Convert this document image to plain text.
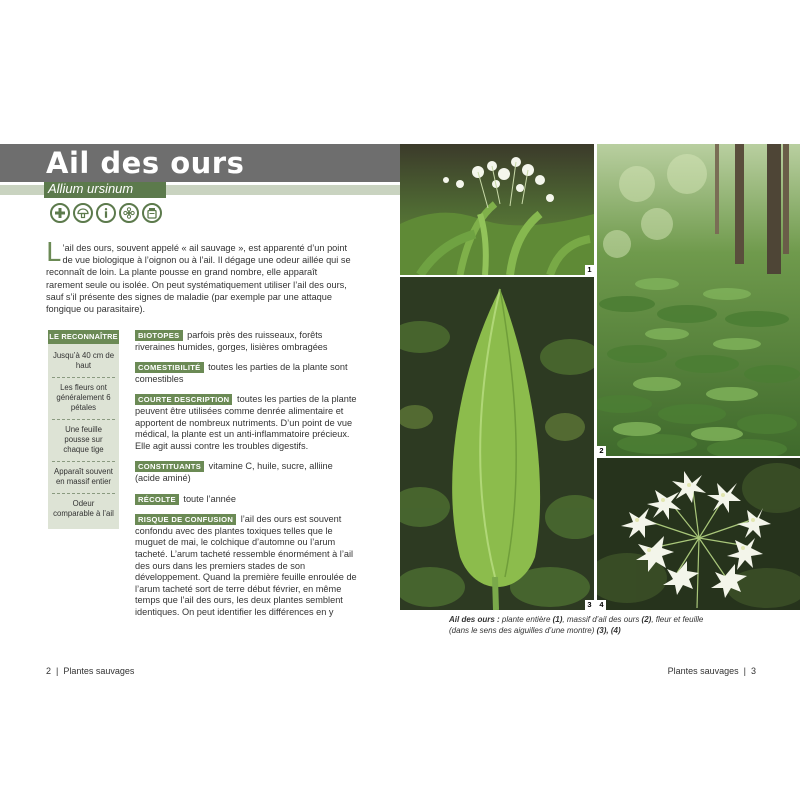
Ail des ours
Allium ursinum

L ’ail des ours, souvent appelé « ail sauvage », est apparenté d’un point de vue biologique à l’oignon ou à l’ail. Il dégage une odeur aillée qui se reconnaît de loin. La plante pousse en grand nombre, elle apparaît rarement seule ou isolée. On peut systématiquement utiliser l’ail des ours, sauf s’il présente des signes de maladie (par exemple par une attaque fongique ou parasitaire).

LE RECONNAÎTRE
Jusqu’à 40 cm de haut
Les fleurs ont généralement 6 pétales
Une feuille pousse sur chaque tige
Apparaît souvent en massif entier
Odeur comparable à l’ail

BIOTOPES parfois près des ruisseaux, forêts riveraines humides, gorges, lisières ombragées

COMESTIBILITÉ toutes les parties de la plante sont comestibles

COURTE DESCRIPTION toutes les parties de la plante peuvent être utilisées comme denrée alimentaire et apportent de nombreux nutriments. D’un point de vue médical, la plante est un anti-inflammatoire précieux. Elle agit aussi contre les troubles digestifs.

CONSTITUANTS vitamine C, huile, sucre, alliine (acide aminé)

RÉCOLTE toute l’année

RISQUE DE CONFUSION l’ail des ours est souvent confondu avec des plantes toxiques telles que le muguet de mai, le colchique d’automne ou l’arum tacheté. L’arum tacheté ressemble énormément à l’ail des ours dans les premiers stades de son développement. Quand la première feuille enroulée de l’arum tacheté sort de terre début février, en même temps que l’ail des ours, les deux plantes semblent identiques. On peut identifier les différences en y

2 | Plantes sauvages
1
2
3	4

Ail des ours : plante entière (1), massif d’ail des ours (2), fleur et feuille (dans le sens des aiguilles d’une montre) (3), (4)

Plantes sauvages | 3
